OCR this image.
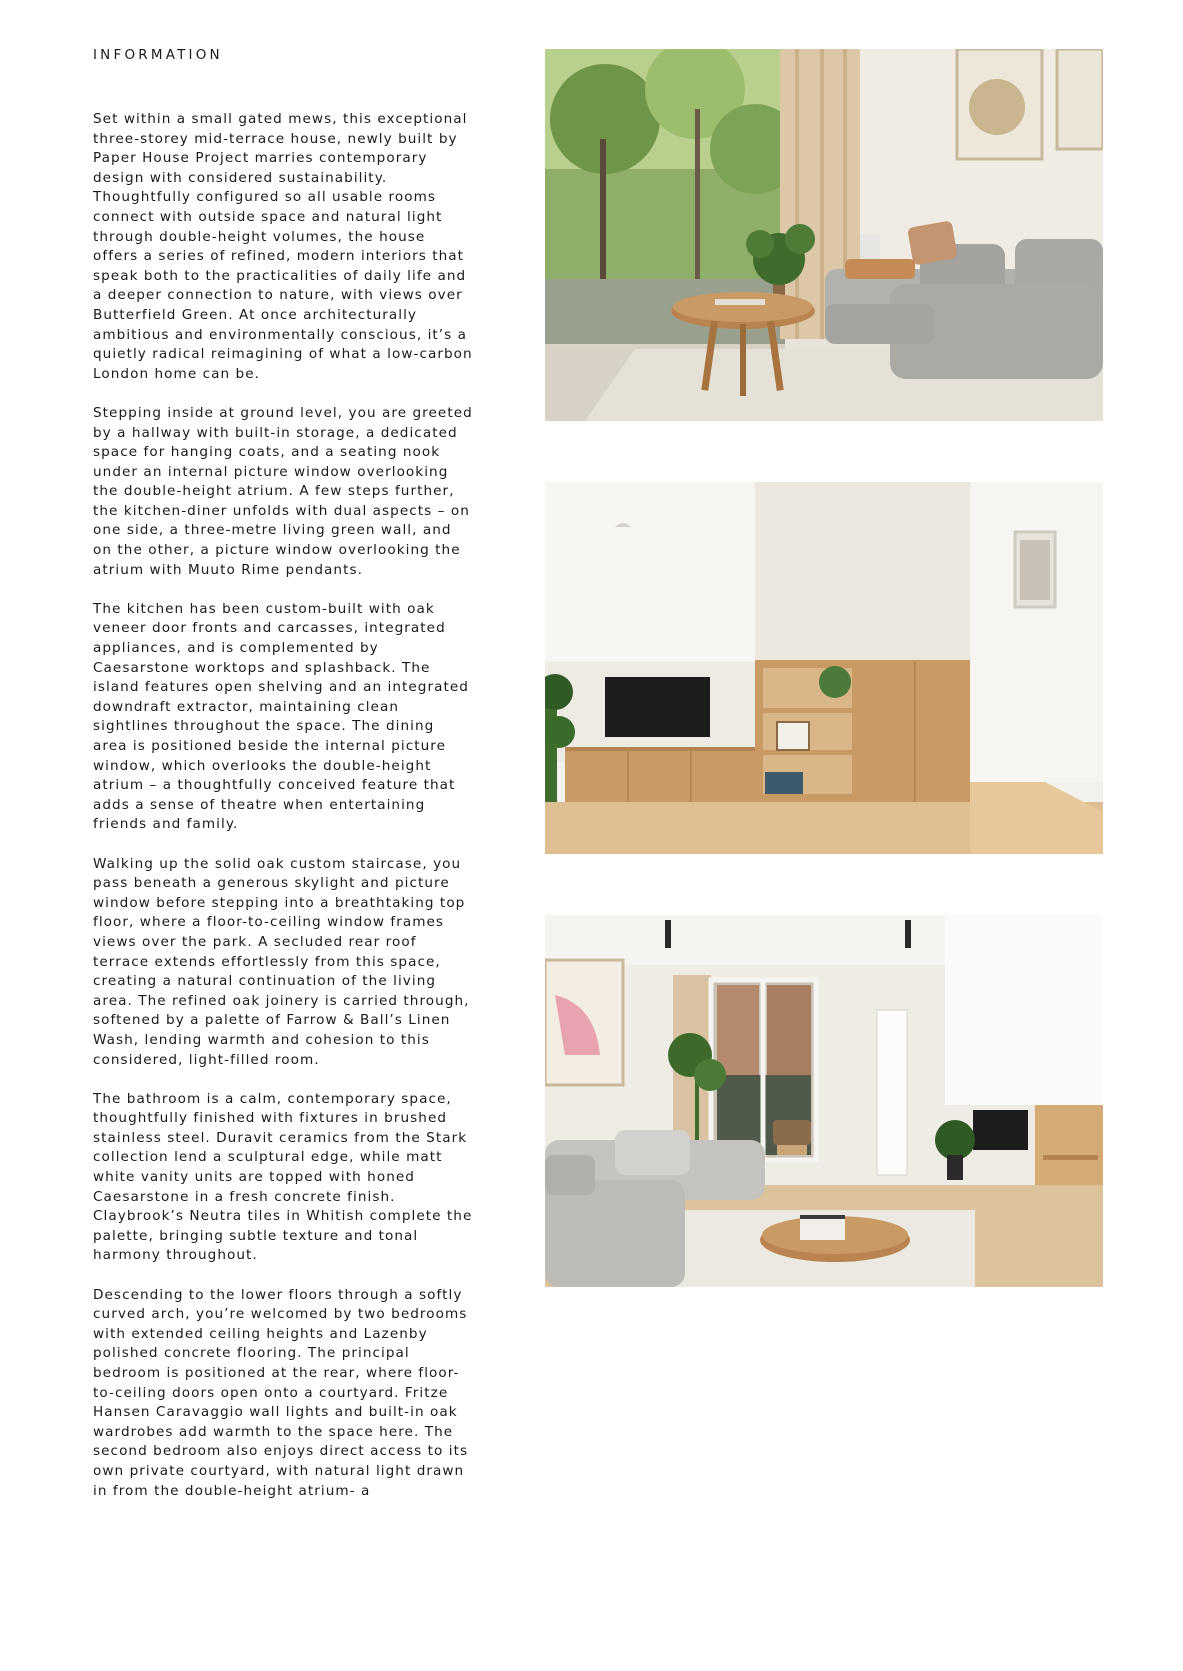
INFORMATION

Set within a small gated mews, this exceptional three-storey mid-terrace house, newly built by Paper House Project marries contemporary design with considered sustainability. Thoughtfully configured so all usable rooms connect with outside space and natural light through double-height volumes, the house offers a series of refined, modern interiors that speak both to the practicalities of daily life and a deeper connection to nature, with views over Butterfield Green. At once architecturally ambitious and environmentally conscious, it’s a quietly radical reimagining of what a low-carbon London home can be.

Stepping inside at ground level, you are greeted by a hallway with built-in storage, a dedicated space for hanging coats, and a seating nook under an internal picture window overlooking the double-height atrium. A few steps further, the kitchen-diner unfolds with dual aspects – on one side, a three-metre living green wall, and on the other, a picture window overlooking the atrium with Muuto Rime pendants.

The kitchen has been custom-built with oak veneer door fronts and carcasses, integrated appliances, and is complemented by Caesarstone worktops and splashback. The island features open shelving and an integrated downdraft extractor, maintaining clean sightlines throughout the space. The dining area is positioned beside the internal picture window, which overlooks the double-height atrium – a thoughtfully conceived feature that adds a sense of theatre when entertaining friends and family.

Walking up the solid oak custom staircase, you pass beneath a generous skylight and picture window before stepping into a breathtaking top floor, where a floor-to-ceiling window frames views over the park. A secluded rear roof terrace extends effortlessly from this space, creating a natural continuation of the living area. The refined oak joinery is carried through, softened by a palette of Farrow & Ball’s Linen Wash, lending warmth and cohesion to this considered, light-filled room.

The bathroom is a calm, contemporary space, thoughtfully finished with fixtures in brushed stainless steel. Duravit ceramics from the Stark collection lend a sculptural edge, while matt white vanity units are topped with honed Caesarstone in a fresh concrete finish. Claybrook’s Neutra tiles in Whitish complete the palette, bringing subtle texture and tonal harmony throughout.

Descending to the lower floors through a softly curved arch, you’re welcomed by two bedrooms with extended ceiling heights and Lazenby polished concrete flooring. The principal bedroom is positioned at the rear, where floor-to-ceiling doors open onto a courtyard. Fritze Hansen Caravaggio wall lights and built-in oak wardrobes add warmth to the space here. The second bedroom also enjoys direct access to its own private courtyard, with natural light drawn in from the double-height atrium- a
